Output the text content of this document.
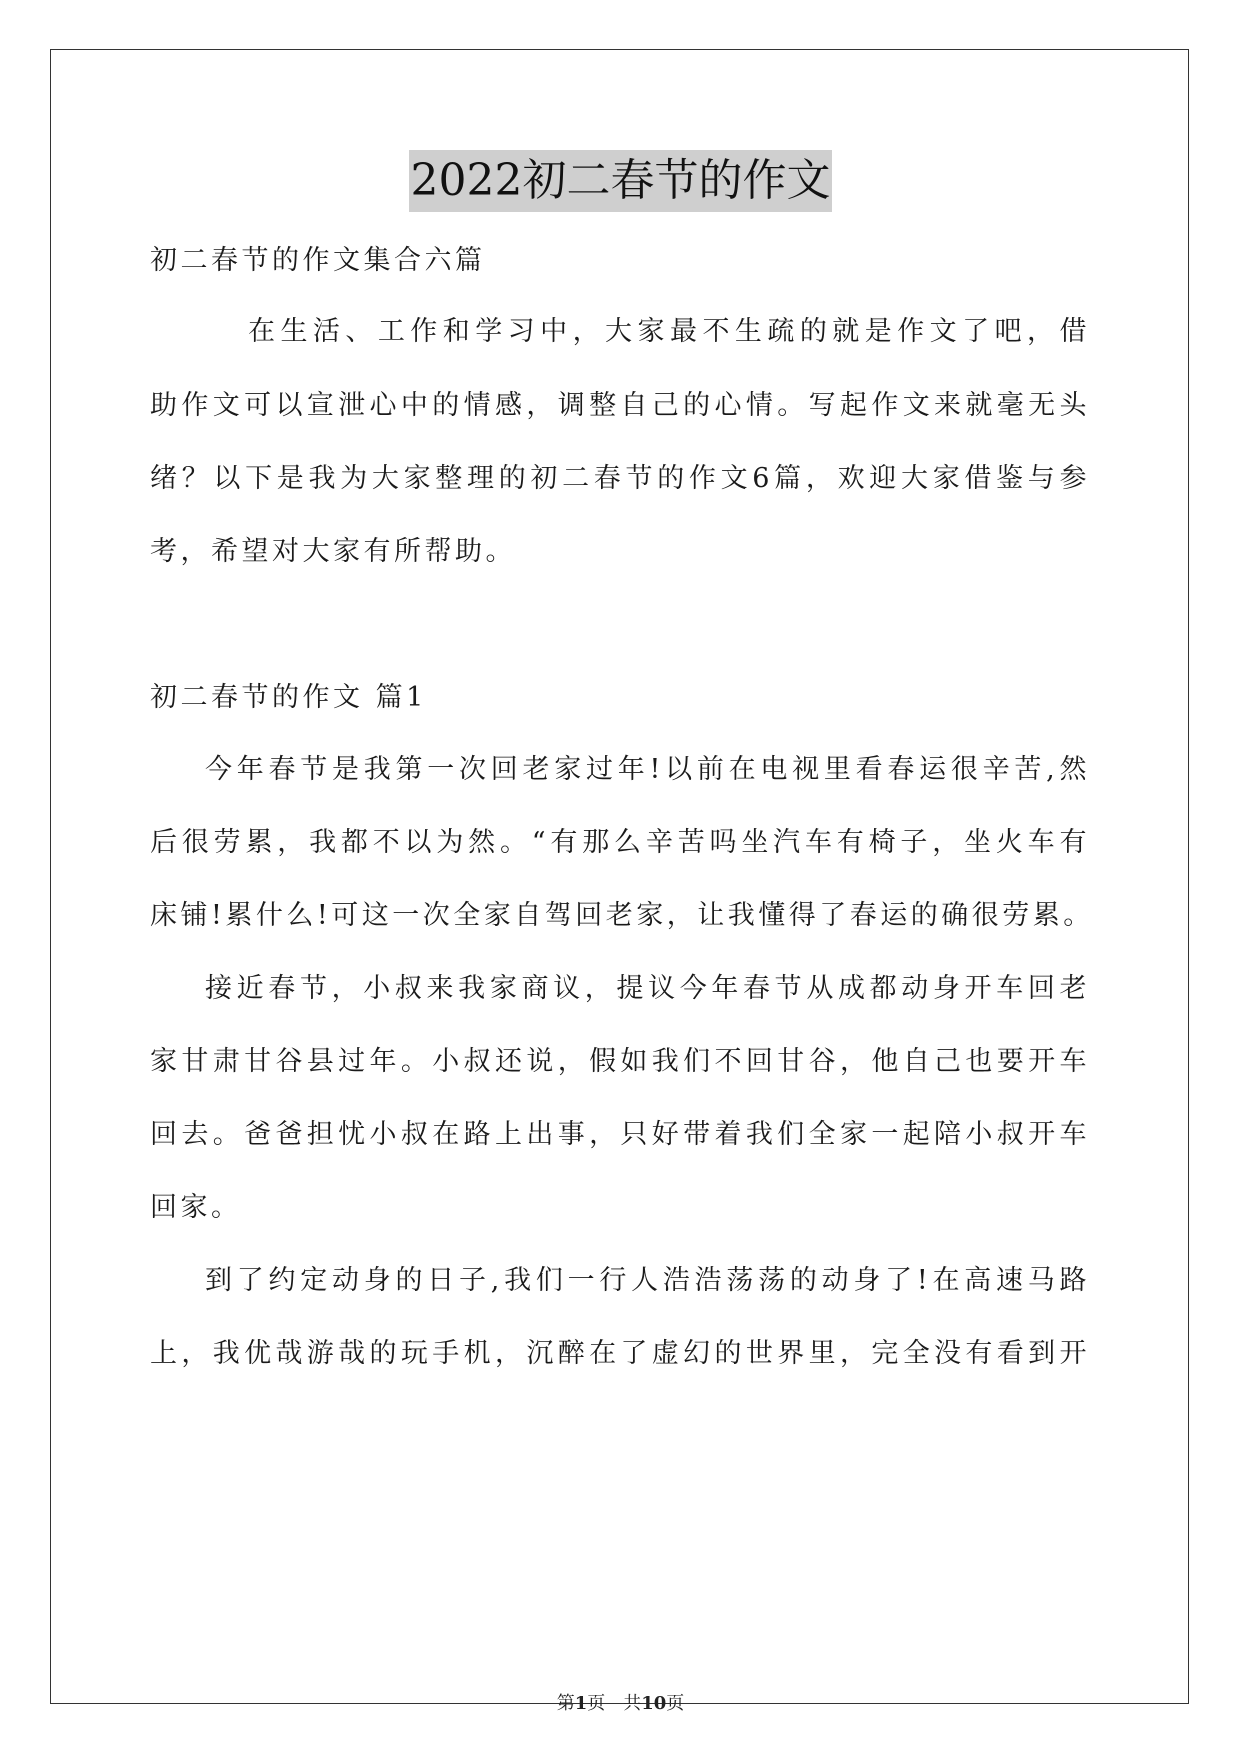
2022初二春节的作文
初二春节的作文集合六篇
在生活、工作和学习中，大家最不生疏的就是作文了吧，借
助作文可以宣泄心中的情感，调整自己的心情。写起作文来就毫无头
绪？以下是我为大家整理的初二春节的作文6篇，欢迎大家借鉴与参
考，希望对大家有所帮助。
初二春节的作文 篇1
今年春节是我第一次回老家过年!以前在电视里看春运很辛苦,然
后很劳累，我都不以为然。“有那么辛苦吗坐汽车有椅子，坐火车有
床铺!累什么!可这一次全家自驾回老家，让我懂得了春运的确很劳累。
接近春节，小叔来我家商议，提议今年春节从成都动身开车回老
家甘肃甘谷县过年。小叔还说，假如我们不回甘谷，他自己也要开车
回去。爸爸担忧小叔在路上出事，只好带着我们全家一起陪小叔开车
回家。
到了约定动身的日子,我们一行人浩浩荡荡的动身了!在高速马路
上，我优哉游哉的玩手机，沉醉在了虚幻的世界里，完全没有看到开
第1页　共10页
